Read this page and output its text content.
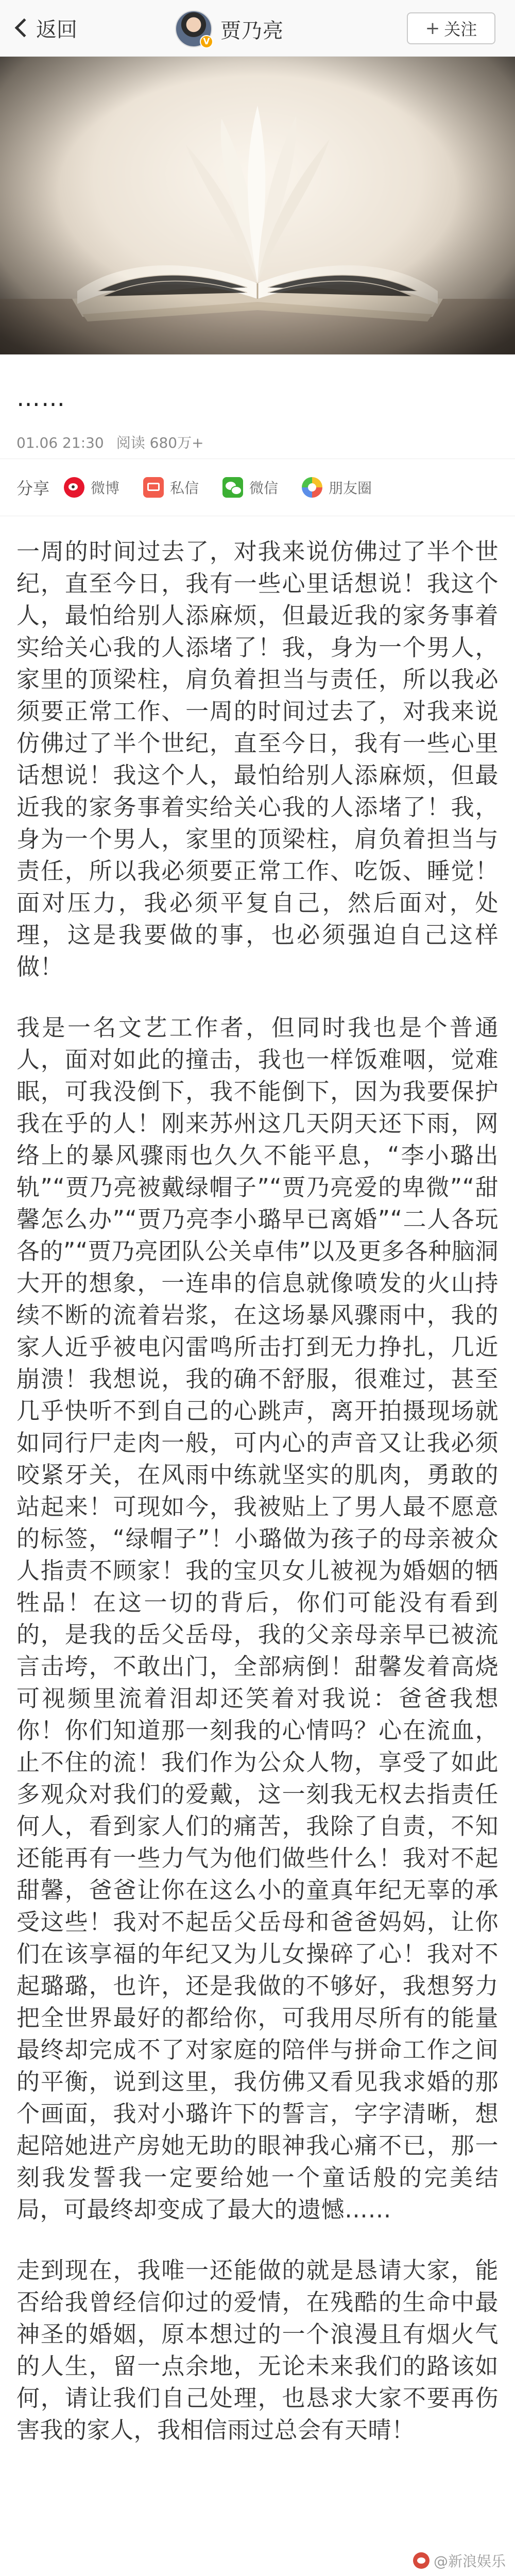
返回
V 贾乃亮	+ 关注
……
01.06 21:30 阅读 680万+
分享	微博	私信	微信	朋友圈

一周的时间过去了，对我来说仿佛过了半个世纪，直至今日，我有一些心里话想说！我这个人，最怕给别人添麻烦，但最近我的家务事着实给关心我的人添堵了！我，身为一个男人，家里的顶梁柱，肩负着担当与责任，所以我必须要正常工作、一周的时间过去了，对我来说仿佛过了半个世纪，直至今日，我有一些心里话想说！我这个人，最怕给别人添麻烦，但最近我的家务事着实给关心我的人添堵了！我，身为一个男人，家里的顶梁柱，肩负着担当与责任，所以我必须要正常工作、吃饭、睡觉！面对压力，我必须平复自己，然后面对，处理，这是我要做的事，也必须强迫自己这样做！

我是一名文艺工作者，但同时我也是个普通人，面对如此的撞击，我也一样饭难咽，觉难眠，可我没倒下，我不能倒下，因为我要保护我在乎的人！刚来苏州这几天阴天还下雨，网络上的暴风骤雨也久久不能平息，“李小璐出轨”“贾乃亮被戴绿帽子”“贾乃亮爱的卑微”“甜馨怎么办”“贾乃亮李小璐早已离婚”“二人各玩各的”“贾乃亮团队公关卓伟”以及更多各种脑洞大开的想象，一连串的信息就像喷发的火山持续不断的流着岩浆，在这场暴风骤雨中，我的家人近乎被电闪雷鸣所击打到无力挣扎，几近崩溃！我想说，我的确不舒服，很难过，甚至几乎快听不到自己的心跳声，离开拍摄现场就如同行尸走肉一般，可内心的声音又让我必须咬紧牙关，在风雨中练就坚实的肌肉，勇敢的站起来！可现如今，我被贴上了男人最不愿意的标签，“绿帽子”！小璐做为孩子的母亲被众人指责不顾家！我的宝贝女儿被视为婚姻的牺牲品！在这一切的背后，你们可能没有看到的，是我的岳父岳母，我的父亲母亲早已被流言击垮，不敢出门，全部病倒！甜馨发着高烧可视频里流着泪却还笑着对我说：爸爸我想你！你们知道那一刻我的心情吗？心在流血，止不住的流！我们作为公众人物，享受了如此多观众对我们的爱戴，这一刻我无权去指责任何人，看到家人们的痛苦，我除了自责，不知还能再有一些力气为他们做些什么！我对不起甜馨，爸爸让你在这么小的童真年纪无辜的承受这些！我对不起岳父岳母和爸爸妈妈，让你们在该享福的年纪又为儿女操碎了心！我对不起璐璐，也许，还是我做的不够好，我想努力把全世界最好的都给你，可我用尽所有的能量最终却完成不了对家庭的陪伴与拼命工作之间的平衡，说到这里，我仿佛又看见我求婚的那个画面，我对小璐许下的誓言，字字清晰，想起陪她进产房她无助的眼神我心痛不已，那一刻我发誓我一定要给她一个童话般的完美结局，可最终却变成了最大的遗憾……

走到现在，我唯一还能做的就是恳请大家，能否给我曾经信仰过的爱情，在残酷的生命中最神圣的婚姻，原本想过的一个浪漫且有烟火气的人生，留一点余地，无论未来我们的路该如何，请让我们自己处理，也恳求大家不要再伤害我的家人，我相信雨过总会有天晴！

@新浪娱乐
